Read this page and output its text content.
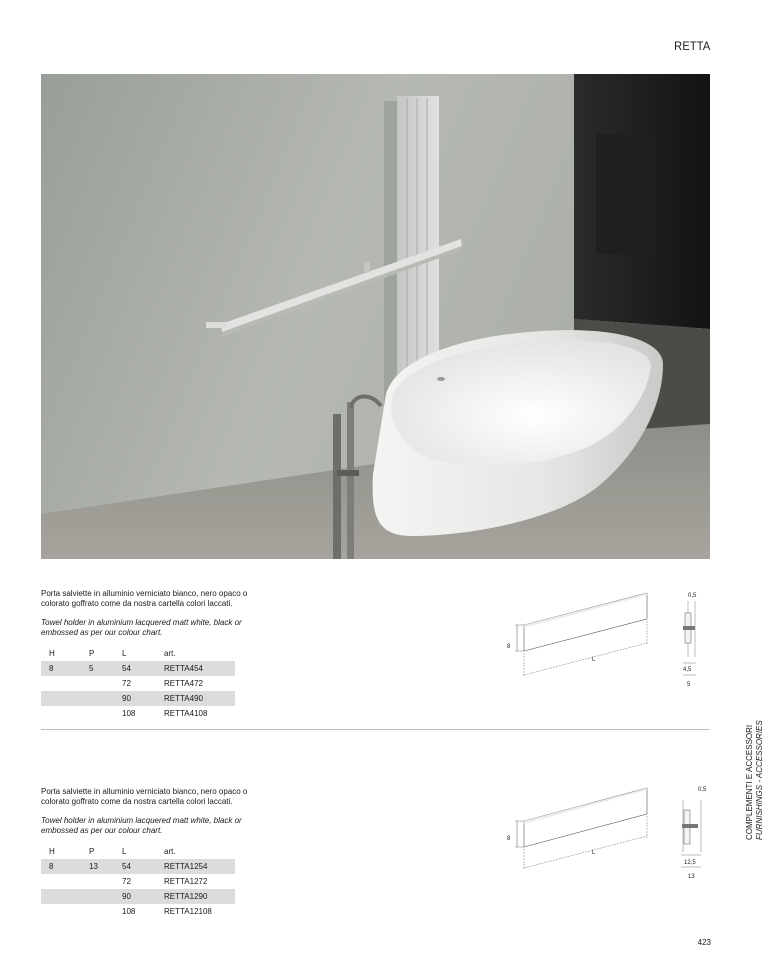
RETTA

Porta salviette in alluminio verniciato bianco, nero opaco o colorato goffrato come da nostra cartella colori laccati.

Towel holder in aluminium lacquered matt white, black or embossed as per our colour chart.

H	P	L	art.
8	5	54	RETTA454
		72	RETTA472
		90	RETTA490
		108	RETTA4108
8
L
0,5
4,5
5

Porta salviette in alluminio verniciato bianco, nero opaco o colorato goffrato come da nostra cartella colori laccati.

Towel holder in aluminium lacquered matt white, black or embossed as per our colour chart.

H	P	L	art.
8	13	54	RETTA1254
		72	RETTA1272
		90	RETTA1290
		108	RETTA12108
8
L
0,5
12,5
13
COMPLEMENTI E ACCESSORI FURNISHINGS - ACCESSORIES
423
